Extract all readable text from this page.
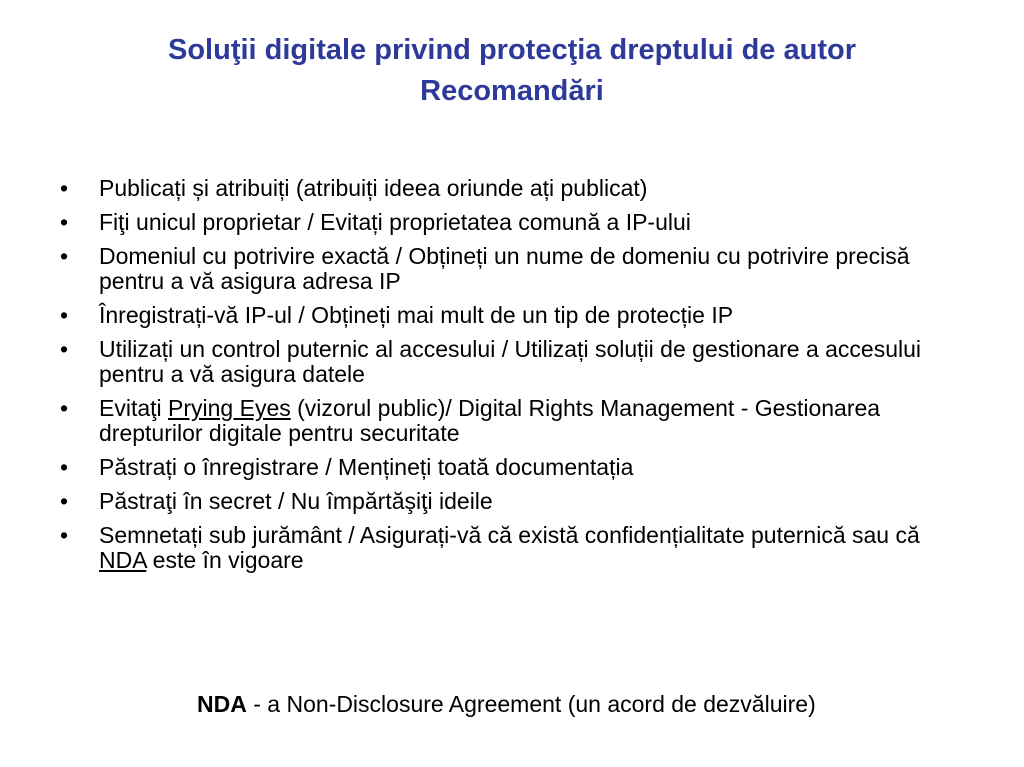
Soluţii digitale privind protecţia dreptului de autor
Recomandări
• Publicați și atribuiți (atribuiți ideea oriunde ați publicat)
• Fiţi unicul proprietar / Evitați proprietatea comună a IP-ului
• Domeniul cu potrivire exactă / Obțineți un nume de domeniu cu potrivire precisă pentru a vă asigura adresa IP
• Înregistrați-vă IP-ul / Obțineți mai mult de un tip de protecție IP
• Utilizați un control puternic al accesului / Utilizați soluții de gestionare a accesului pentru a vă asigura datele
• Evitaţi Prying Eyes (vizorul public)/ Digital Rights Management - Gestionarea drepturilor digitale pentru securitate
• Păstrați o înregistrare / Mențineți toată documentația
• Păstraţi în secret / Nu împărtăşiţi ideile
• Semnetați sub jurământ / Asigurați-vă că există confidențialitate puternică sau că NDA este în vigoare
NDA - a Non-Disclosure Agreement (un acord de dezvăluire)
